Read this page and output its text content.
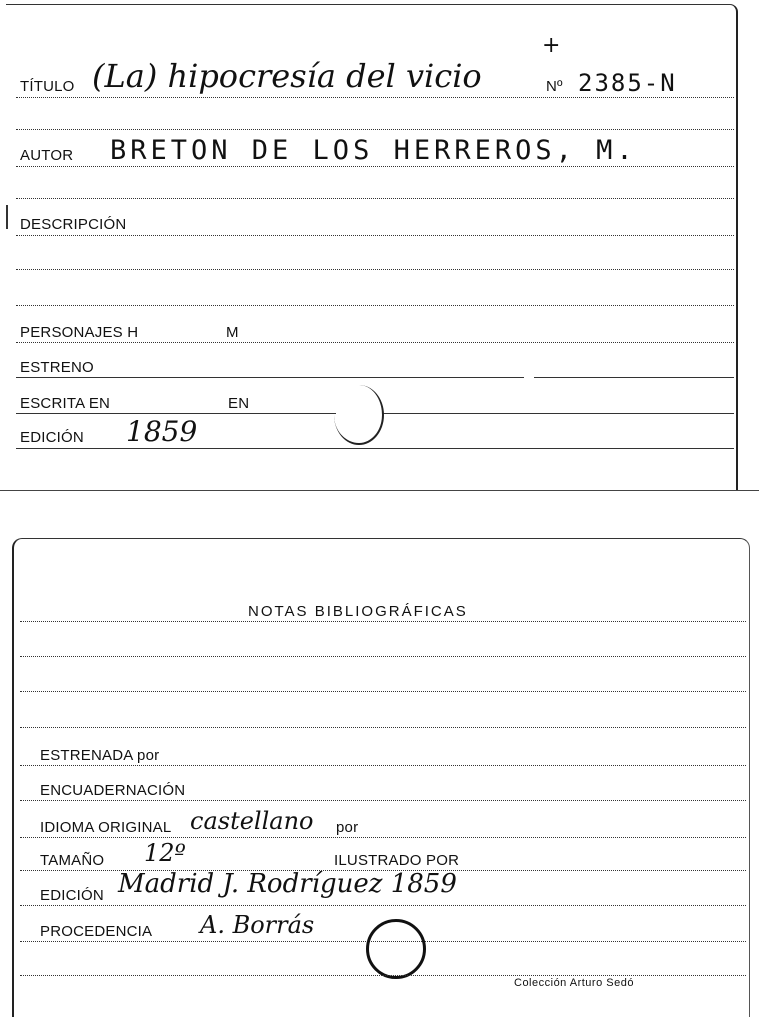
TÍTULO (La) hipocresía del vicio
+
Nº 2385-N
AUTOR BRETON DE LOS HERREROS, M.
DESCRIPCIÓN
PERSONAJES H	M
ESTRENO
ESCRITA EN	EN
EDICIÓN 1859
NOTAS BIBLIOGRÁFICAS
ESTRENADA por
ENCUADERNACIÓN
IDIOMA ORIGINAL castellano por
TAMAÑO 12º	ILUSTRADO POR
EDICIÓN Madrid J. Rodríguez 1859
PROCEDENCIA A. Borrás
Colección Arturo Sedó
